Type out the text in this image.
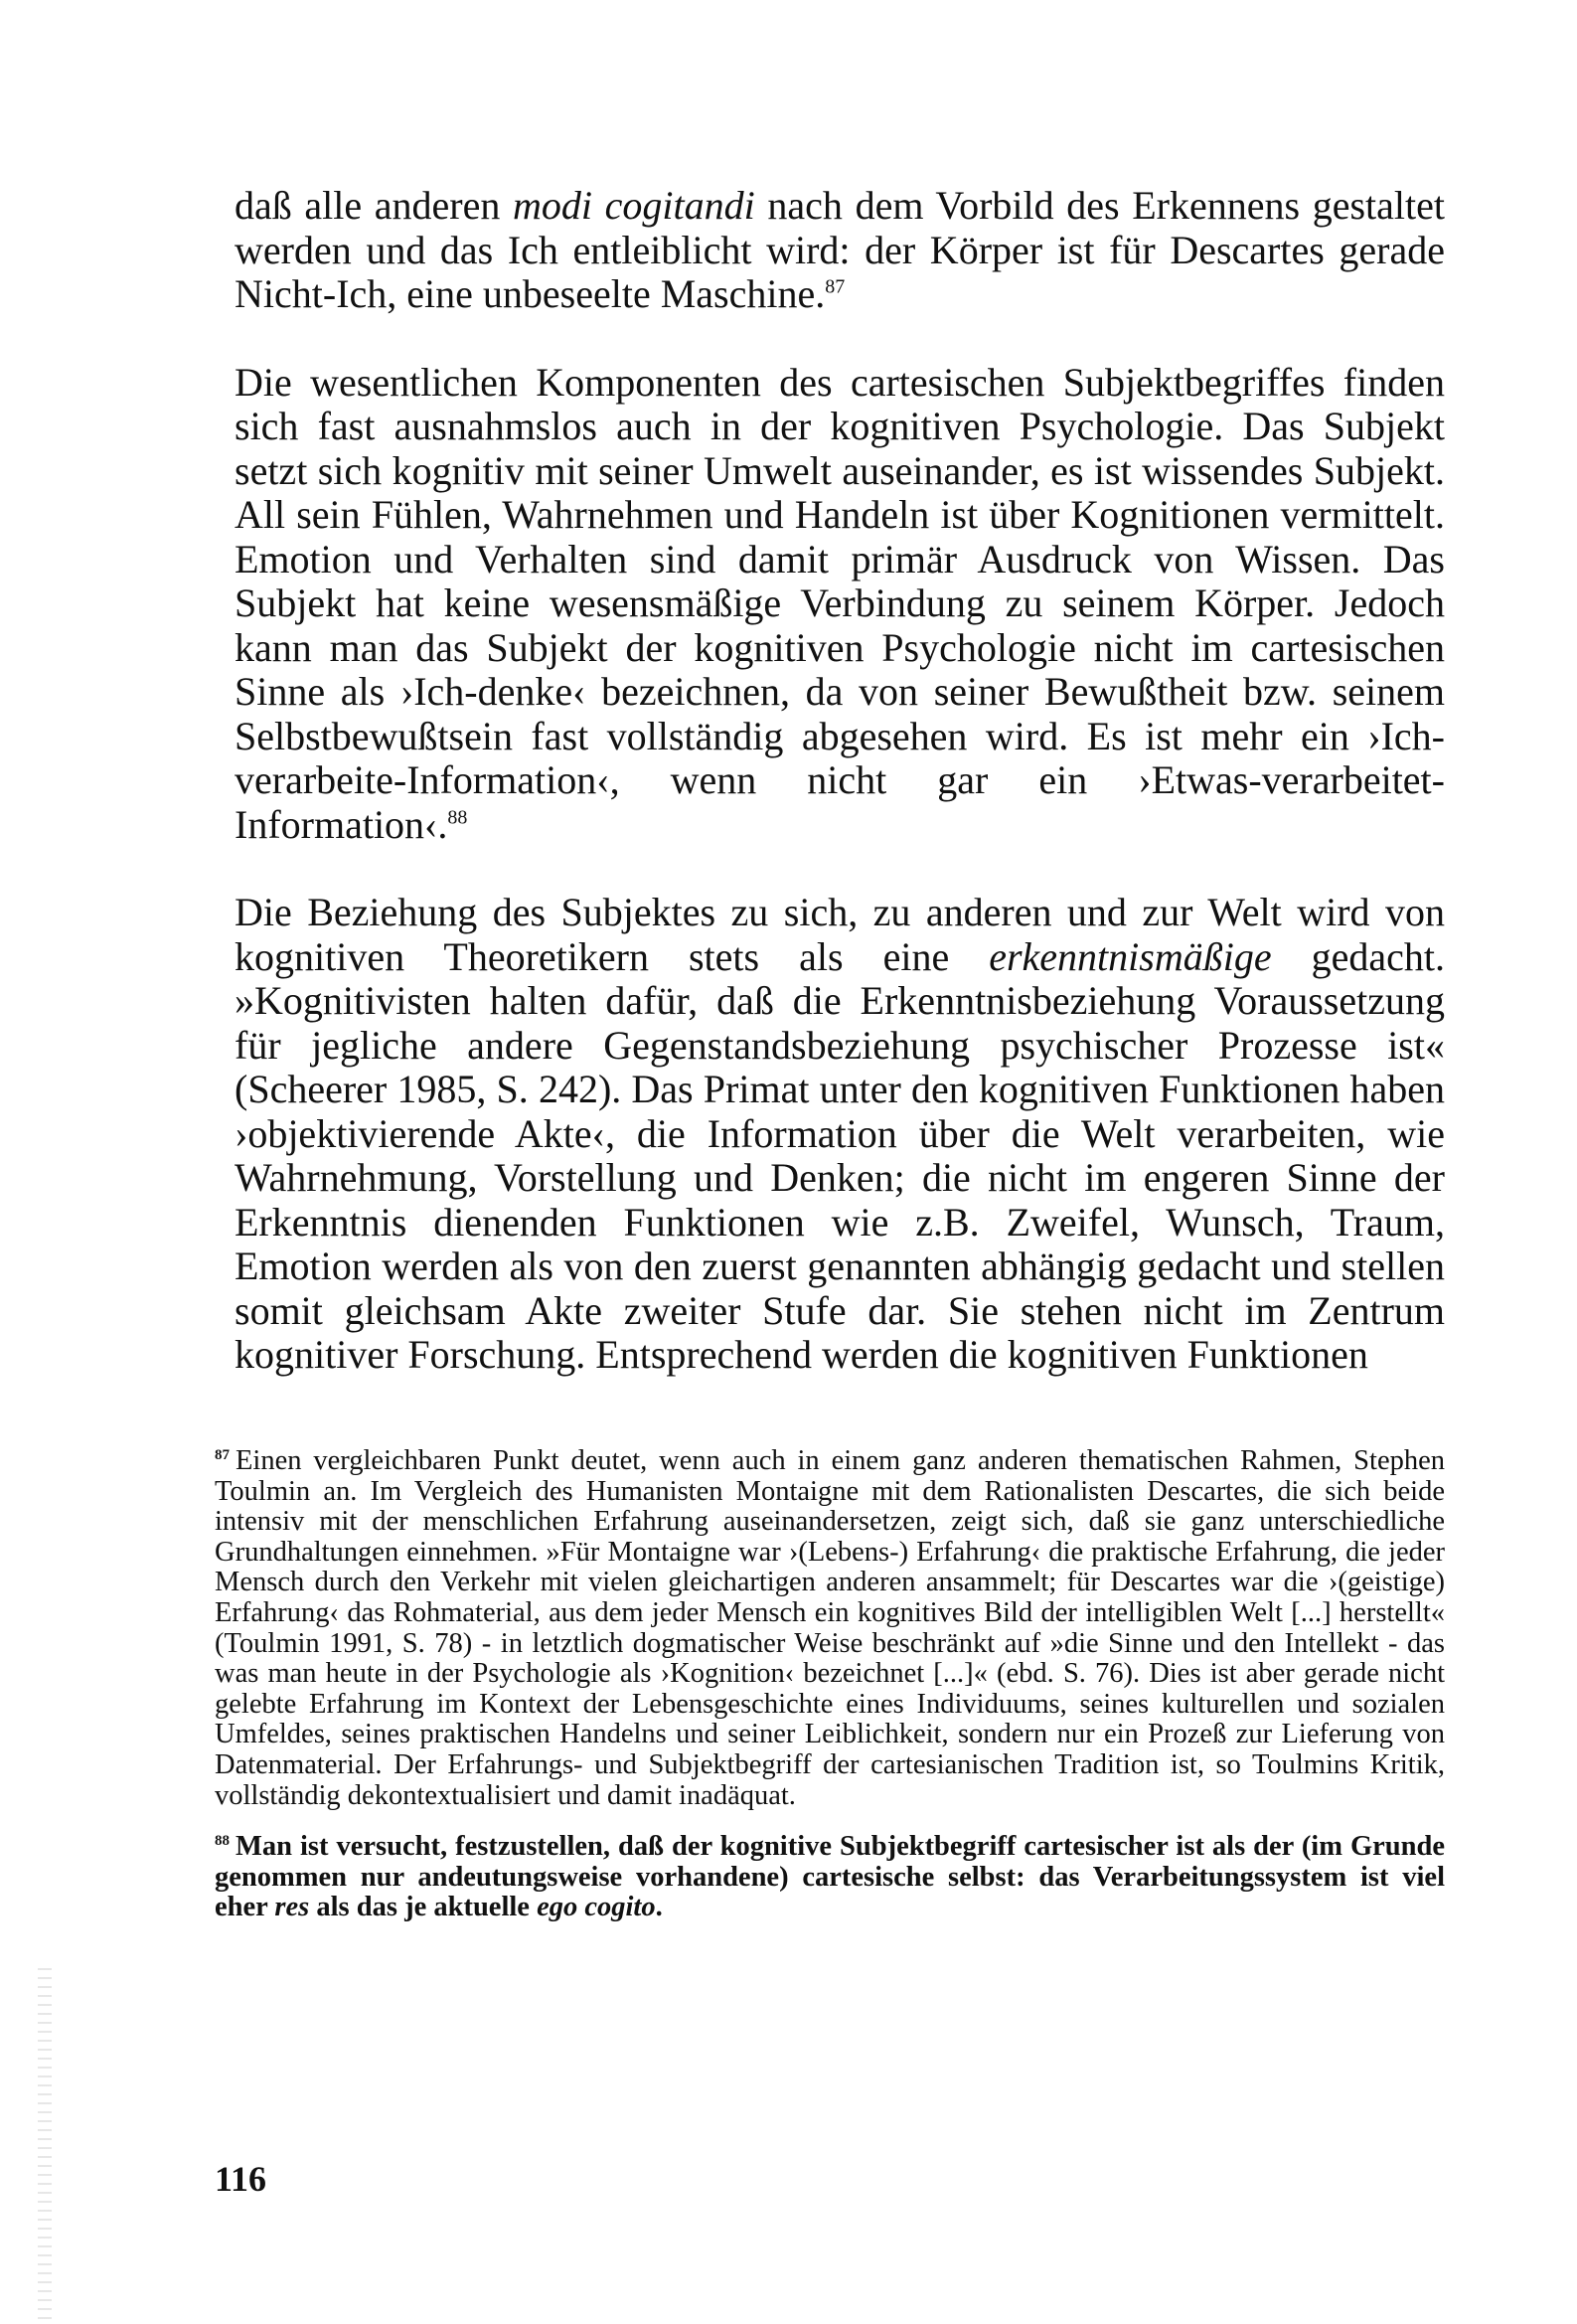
daß alle anderen modi cogitandi nach dem Vorbild des Erkennens gestaltet werden und das Ich entleiblicht wird: der Körper ist für Descartes gerade Nicht-Ich, eine unbeseelte Maschine.$^{87}$

Die wesentlichen Komponenten des cartesischen Subjektbegriffes finden sich fast ausnahmslos auch in der kognitiven Psychologie. Das Subjekt setzt sich kognitiv mit seiner Umwelt auseinander, es ist wissendes Subjekt. All sein Fühlen, Wahrnehmen und Handeln ist über Kognitionen vermittelt. Emotion und Verhalten sind damit primär Ausdruck von Wissen. Das Subjekt hat keine wesensmäßige Verbindung zu seinem Körper. Jedoch kann man das Subjekt der kognitiven Psychologie nicht im cartesischen Sinne als ›Ich-denke‹ bezeichnen, da von seiner Bewußtheit bzw. seinem Selbstbewußtsein fast vollständig abgesehen wird. Es ist mehr ein ›Ich-verarbeite-Information‹, wenn nicht gar ein ›Etwas-verarbeitet-Information‹.$^{88}$

Die Beziehung des Subjektes zu sich, zu anderen und zur Welt wird von kognitiven Theoretikern stets als eine erkenntnismäßige gedacht. »Kognitivisten halten dafür, daß die Erkenntnisbeziehung Voraussetzung für jegliche andere Gegenstandsbeziehung psychischer Prozesse ist« (Scheerer 1985, S. 242). Das Primat unter den kognitiven Funktionen haben ›objektivierende Akte‹, die Information über die Welt verarbeiten, wie Wahrnehmung, Vorstellung und Denken; die nicht im engeren Sinne der Erkenntnis dienenden Funktionen wie z.B. Zweifel, Wunsch, Traum, Emotion werden als von den zuerst genannten abhängig gedacht und stellen somit gleichsam Akte zweiter Stufe dar. Sie stehen nicht im Zentrum kognitiver Forschung. Entsprechend werden die kognitiven Funktionen

$^{87}$ Einen vergleichbaren Punkt deutet, wenn auch in einem ganz anderen thematischen Rahmen, Stephen Toulmin an. Im Vergleich des Humanisten Montaigne mit dem Rationalisten Descartes, die sich beide intensiv mit der menschlichen Erfahrung auseinandersetzen, zeigt sich, daß sie ganz unterschiedliche Grundhaltungen einnehmen. »Für Montaigne war ›(Lebens-) Erfahrung‹ die praktische Erfahrung, die jeder Mensch durch den Verkehr mit vielen gleichartigen anderen ansammelt; für Descartes war die ›(geistige) Erfahrung‹ das Rohmaterial, aus dem jeder Mensch ein kognitives Bild der intelligiblen Welt [...] herstellt« (Toulmin 1991, S. 78) - in letztlich dogmatischer Weise beschränkt auf »die Sinne und den Intellekt - das was man heute in der Psychologie als ›Kognition‹ bezeichnet [...]« (ebd. S. 76). Dies ist aber gerade nicht gelebte Erfahrung im Kontext der Lebensgeschichte eines Individuums, seines kulturellen und sozialen Umfeldes, seines praktischen Handelns und seiner Leiblichkeit, sondern nur ein Prozeß zur Lieferung von Datenmaterial. Der Erfahrungs- und Subjektbegriff der cartesianischen Tradition ist, so Toulmins Kritik, vollständig dekontextualisiert und damit inadäquat.

$^{88}$ Man ist versucht, festzustellen, daß der kognitive Subjektbegriff cartesischer ist als der (im Grunde genommen nur andeutungsweise vorhandene) cartesische selbst: das Verarbeitungssystem ist viel eher res als das je aktuelle ego cogito.

116
